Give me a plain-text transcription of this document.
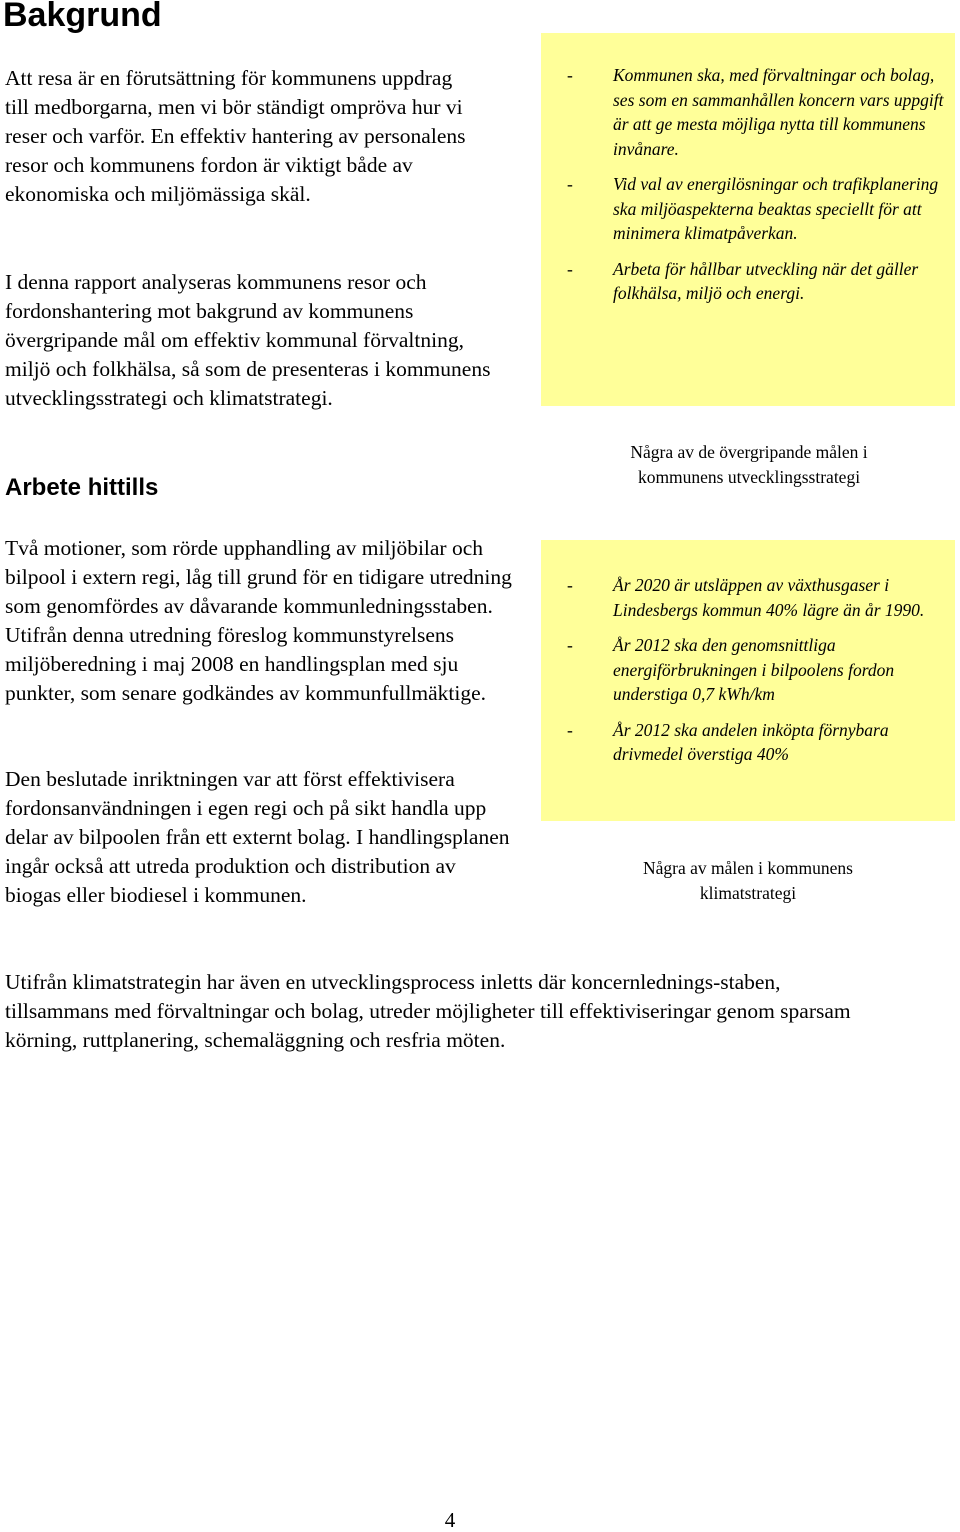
Bakgrund

Att resa är en förutsättning för kommunens uppdrag till medborgarna, men vi bör ständigt ompröva hur vi reser och varför. En effektiv hantering av personalens resor och kommunens fordon är viktigt både av ekonomiska och miljömässiga skäl.

I denna rapport analyseras kommunens resor och fordonshantering mot bakgrund av kommunens övergripande mål om effektiv kommunal förvaltning, miljö och folkhälsa, så som de presenteras i kommunens utvecklingsstrategi och klimatstrategi.

Arbete hittills

Två motioner, som rörde upphandling av miljöbilar och bilpool i extern regi, låg till grund för en tidigare utredning som genomfördes av dåvarande kommunledningsstaben. Utifrån denna utredning föreslog kommunstyrelsens miljöberedning i maj 2008 en handlingsplan med sju punkter, som senare godkändes av kommunfullmäktige.

Den beslutade inriktningen var att först effektivisera fordonsanvändningen i egen regi och på sikt handla upp delar av bilpoolen från ett externt bolag. I handlingsplanen ingår också att utreda produktion och distribution av biogas eller biodiesel i kommunen.

Utifrån klimatstrategin har även en utvecklingsprocess inletts där koncernlednings-staben, tillsammans med förvaltningar och bolag, utreder möjligheter till effektiviseringar genom sparsam körning, ruttplanering, schemaläggning och resfria möten.

- Kommunen ska, med förvaltningar och bolag, ses som en sammanhållen koncern vars uppgift är att ge mesta möjliga nytta till kommunens invånare.
- Vid val av energilösningar och trafikplanering ska miljöaspekterna beaktas speciellt för att minimera klimatpåverkan.
- Arbeta för hållbar utveckling när det gäller folkhälsa, miljö och energi.

Några av de övergripande målen i kommunens utvecklingsstrategi

- År 2020 är utsläppen av växthusgaser i Lindesbergs kommun 40% lägre än år 1990.
- År 2012 ska den genomsnittliga energiförbrukningen i bilpoolens fordon understiga 0,7 kWh/km
- År 2012 ska andelen inköpta förnybara drivmedel överstiga 40%

Några av målen i kommunens klimatstrategi

4
